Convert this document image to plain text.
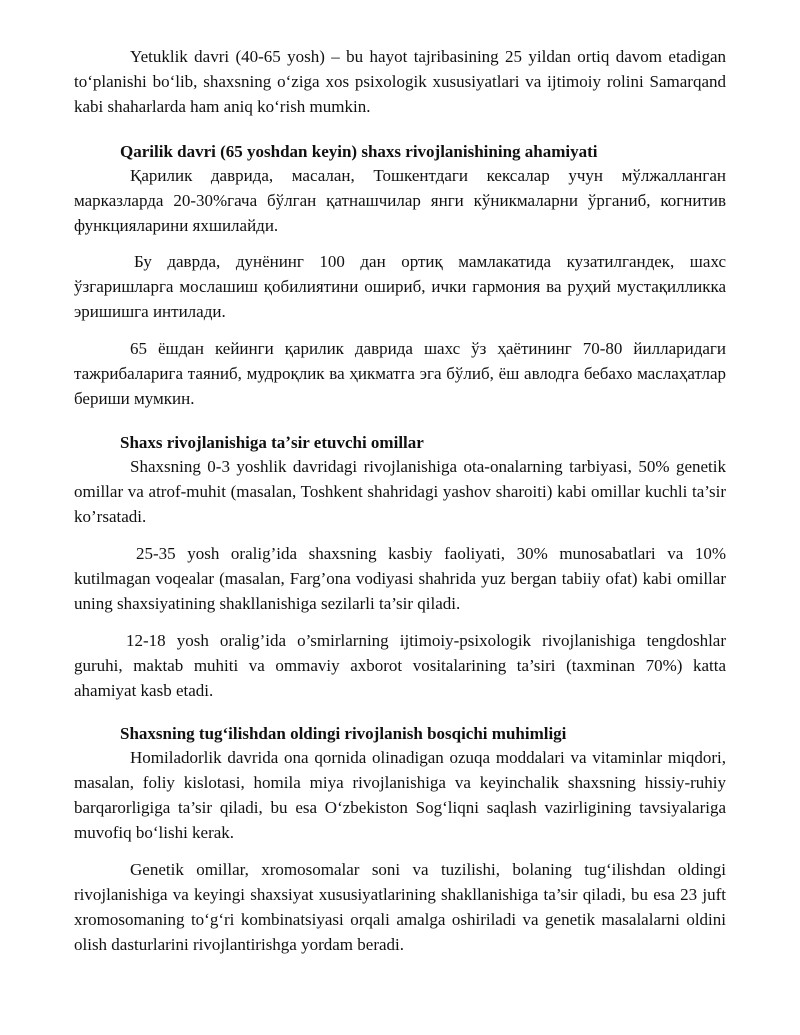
Yetuklik davri (40-65 yosh) – bu hayot tajribasining 25 yildan ortiq davom etadigan to‘planishi bo‘lib, shaxsning o‘ziga xos psixologik xususiyatlari va ijtimoiy rolini Samarqand kabi shaharlarda ham aniq ko‘rish mumkin.

Qarilik davri (65 yoshdan keyin) shaxs rivojlanishining ahamiyati

Қарилик даврида, масалан, Тошкентдаги кексалар учун мўлжалланган марказларда 20-30%гача бўлган қатнашчилар янги кўникмаларни ўрганиб, когнитив функцияларини яхшилайди.

Бу даврда, дунёнинг 100 дан ортиқ мамлакатида кузатилгандек, шахс ўзгаришларга мослашиш қобилиятини ошириб, ички гармония ва руҳий мустақилликка эришишга интилади.

65 ёшдан кейинги қарилик даврида шахс ўз ҳаётининг 70-80 йилларидаги тажрибаларига таяниб, мудроқлик ва ҳикматга эга бўлиб, ёш авлодга бебахо маслаҳатлар бериши мумкин.

Shaxs rivojlanishiga taʼsir etuvchi omillar

Shaxsning 0-3 yoshlik davridagi rivojlanishiga ota-onalarning tarbiyasi, 50% genetik omillar va atrof-muhit (masalan, Toshkent shahridagi yashov sharoiti) kabi omillar kuchli ta’sir ko’rsatadi.

25-35 yosh oralig’ida shaxsning kasbiy faoliyati, 30% munosabatlari va 10% kutilmagan voqealar (masalan, Farg’ona vodiyasi shahrida yuz bergan tabiiy ofat) kabi omillar uning shaxsiyatining shakllanishiga sezilarli ta’sir qiladi.

12-18 yosh oralig’ida o’smirlarning ijtimoiy-psixologik rivojlanishiga tengdoshlar guruhi, maktab muhiti va ommaviy axborot vositalarining ta’siri (taxminan 70%) katta ahamiyat kasb etadi.

Shaxsning tug‘ilishdan oldingi rivojlanish bosqichi muhimligi

Homiladorlik davrida ona qornida olinadigan ozuqa moddalari va vitaminlar miqdori, masalan, foliy kislotasi, homila miya rivojlanishiga va keyinchalik shaxsning hissiy-ruhiy barqarorligiga ta’sir qiladi, bu esa O‘zbekiston Sog‘liqni saqlash vazirligining tavsiyalariga muvofiq bo‘lishi kerak.

Genetik omillar, xromosomalar soni va tuzilishi, bolaning tug‘ilishdan oldingi rivojlanishiga va keyingi shaxsiyat xususiyatlarining shakllanishiga ta’sir qiladi, bu esa 23 juft xromosomaning to‘g‘ri kombinatsiyasi orqali amalga oshiriladi va genetik masalalarni oldini olish dasturlarini rivojlantirishga yordam beradi.
